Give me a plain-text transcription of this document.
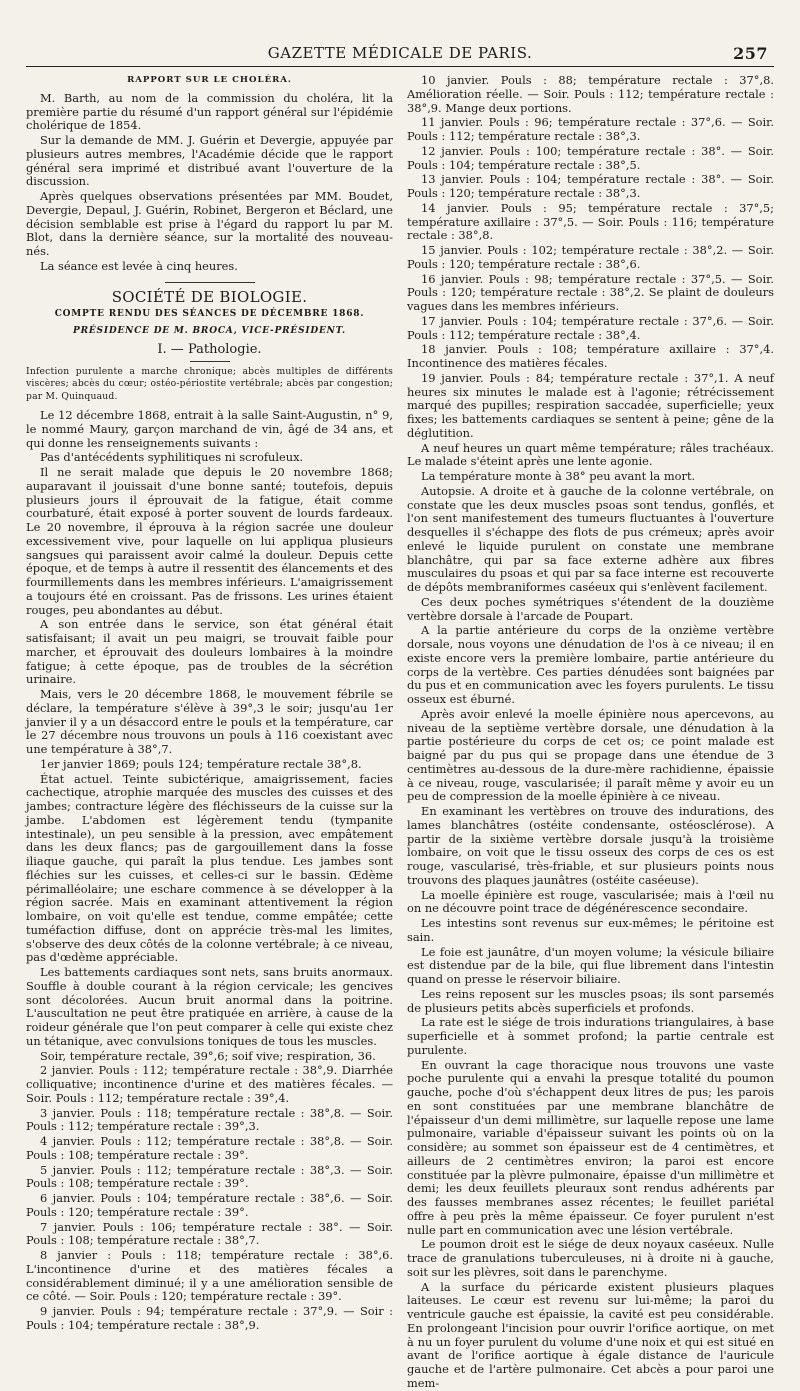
GAZETTE MÉDICALE DE PARIS.	257
RAPPORT SUR LE CHOLÉRA.

M. Barth, au nom de la commission du choléra, lit la première partie du résumé d'un rapport général sur l'épidémie cholérique de 1854.

Sur la demande de MM. J. Guérin et Devergie, appuyée par plusieurs autres membres, l'Académie décide que le rapport général sera imprimé et distribué avant l'ouverture de la discussion.

Après quelques observations présentées par MM. Boudet, Devergie, Depaul, J. Guérin, Robinet, Bergeron et Béclard, une décision semblable est prise à l'égard du rapport lu par M. Blot, dans la dernière séance, sur la mortalité des nouveau-nés.

La séance est levée à cinq heures.

SOCIÉTÉ DE BIOLOGIE.
COMPTE RENDU DES SÉANCES DE DÉCEMBRE 1868.
PRÉSIDENCE DE M. BROCA, VICE-PRÉSIDENT.
I. — Pathologie.

Infection purulente a marche chronique; abcès multiples de différents viscères; abcès du cœur; ostéo-périostite vertébrale; abcès par congestion; par M. Quinquaud.

Le 12 décembre 1868, entrait à la salle Saint-Augustin, n° 9, le nommé Maury, garçon marchand de vin, âgé de 34 ans, et qui donne les renseignements suivants :

Pas d'antécédents syphilitiques ni scrofuleux.

Il ne serait malade que depuis le 20 novembre 1868; auparavant il jouissait d'une bonne santé; toutefois, depuis plusieurs jours il éprouvait de la fatigue, était comme courbaturé, était exposé à porter souvent de lourds fardeaux. Le 20 novembre, il éprouva à la région sacrée une douleur excessivement vive, pour laquelle on lui appliqua plusieurs sangsues qui paraissent avoir calmé la douleur. Depuis cette époque, et de temps à autre il ressentit des élancements et des fourmillements dans les membres inférieurs. L'amaigrissement a toujours été en croissant. Pas de frissons. Les urines étaient rouges, peu abondantes au début.

A son entrée dans le service, son état général était satisfaisant; il avait un peu maigri, se trouvait faible pour marcher, et éprouvait des douleurs lombaires à la moindre fatigue; à cette époque, pas de troubles de la sécrétion urinaire.

Mais, vers le 20 décembre 1868, le mouvement fébrile se déclare, la température s'élève à 39°,3 le soir; jusqu'au 1er janvier il y a un désaccord entre le pouls et la température, car le 27 décembre nous trouvons un pouls à 116 coexistant avec une température à 38°,7.

1er janvier 1869; pouls 124; température rectale 38°,8.

État actuel. Teinte subictérique, amaigrissement, facies cachectique, atrophie marquée des muscles des cuisses et des jambes; contracture légère des fléchisseurs de la cuisse sur la jambe. L'abdomen est légèrement tendu (tympanite intestinale), un peu sensible à la pression, avec empâtement dans les deux flancs; pas de gargouillement dans la fosse iliaque gauche, qui paraît la plus tendue. Les jambes sont fléchies sur les cuisses, et celles-ci sur le bassin. Œdème périmalléolaire; une eschare commence à se développer à la région sacrée. Mais en examinant attentivement la région lombaire, on voit qu'elle est tendue, comme empâtée; cette tuméfaction diffuse, dont on apprécie très-mal les limites, s'observe des deux côtés de la colonne vertébrale; à ce niveau, pas d'œdème appréciable.

Les battements cardiaques sont nets, sans bruits anormaux. Souffle à double courant à la région cervicale; les gencives sont décolorées. Aucun bruit anormal dans la poitrine. L'auscultation ne peut être pratiquée en arrière, à cause de la roideur générale que l'on peut comparer à celle qui existe chez un tétanique, avec convulsions toniques de tous les muscles.

Soir, température rectale, 39°,6; soif vive; respiration, 36.

2 janvier. Pouls : 112; température rectale : 38°,9. Diarrhée colliquative; incontinence d'urine et des matières fécales. — Soir. Pouls : 112; température rectale : 39°,4.

3 janvier. Pouls : 118; température rectale : 38°,8. — Soir. Pouls : 112; température rectale : 39°,3.

4 janvier. Pouls : 112; température rectale : 38°,8. — Soir. Pouls : 108; température rectale : 39°.

5 janvier. Pouls : 112; température rectale : 38°,3. — Soir. Pouls : 108; température rectale : 39°.

6 janvier. Pouls : 104; température rectale : 38°,6. — Soir. Pouls : 120; température rectale : 39°.

7 janvier. Pouls : 106; température rectale : 38°. — Soir. Pouls : 108; température rectale : 38°,7.

8 janvier : Pouls : 118; température rectale : 38°,6. L'incontinence d'urine et des matières fécales a considérablement diminué; il y a une amélioration sensible de ce côté. — Soir. Pouls : 120; température rectale : 39°.

9 janvier. Pouls : 94; température rectale : 37°,9. — Soir : Pouls : 104; température rectale : 38°,9.

10 janvier. Pouls : 88; température rectale : 37°,8. Amélioration réelle. — Soir. Pouls : 112; température rectale : 38°,9. Mange deux portions.

11 janvier. Pouls : 96; température rectale : 37°,6. — Soir. Pouls : 112; température rectale : 38°,3.

12 janvier. Pouls : 100; température rectale : 38°. — Soir. Pouls : 104; température rectale : 38°,5.

13 janvier. Pouls : 104; température rectale : 38°. — Soir. Pouls : 120; température rectale : 38°,3.

14 janvier. Pouls : 95; température rectale : 37°,5; température axillaire : 37°,5. — Soir. Pouls : 116; température rectale : 38°,8.

15 janvier. Pouls : 102; température rectale : 38°,2. — Soir. Pouls : 120; température rectale : 38°,6.

16 janvier. Pouls : 98; température rectale : 37°,5. — Soir. Pouls : 120; température rectale : 38°,2. Se plaint de douleurs vagues dans les membres inférieurs.

17 janvier. Pouls : 104; température rectale : 37°,6. — Soir. Pouls : 112; température rectale : 38°,4.

18 janvier. Pouls : 108; température axillaire : 37°,4. Incontinence des matières fécales.

19 janvier. Pouls : 84; température rectale : 37°,1. A neuf heures six minutes le malade est à l'agonie; rétrécissement marqué des pupilles; respiration saccadée, superficielle; yeux fixes; les battements cardiaques se sentent à peine; gêne de la déglutition.

A neuf heures un quart même température; râles trachéaux. Le malade s'éteint après une lente agonie.

La température monte à 38° peu avant la mort.

Autopsie. A droite et à gauche de la colonne vertébrale, on constate que les deux muscles psoas sont tendus, gonflés, et l'on sent manifestement des tumeurs fluctuantes à l'ouverture desquelles il s'échappe des flots de pus crémeux; après avoir enlevé le liquide purulent on constate une membrane blanchâtre, qui par sa face externe adhère aux fibres musculaires du psoas et qui par sa face interne est recouverte de dépôts membraniformes caséeux qui s'enlèvent facilement.

Ces deux poches symétriques s'étendent de la douzième vertèbre dorsale à l'arcade de Poupart.

A la partie antérieure du corps de la onzième vertèbre dorsale, nous voyons une dénudation de l'os à ce niveau; il en existe encore vers la première lombaire, partie antérieure du corps de la vertèbre. Ces parties dénudées sont baignées par du pus et en communication avec les foyers purulents. Le tissu osseux est éburné.

Après avoir enlevé la moelle épinière nous apercevons, au niveau de la septième vertèbre dorsale, une dénudation à la partie postérieure du corps de cet os; ce point malade est baigné par du pus qui se propage dans une étendue de 3 centimètres au-dessous de la dure-mère rachidienne, épaissie à ce niveau, rouge, vascularisée; il paraît même y avoir eu un peu de compression de la moelle épinière à ce niveau.

En examinant les vertèbres on trouve des indurations, des lames blanchâtres (ostéite condensante, ostéosclérose). A partir de la sixième vertèbre dorsale jusqu'à la troisième lombaire, on voit que le tissu osseux des corps de ces os est rouge, vascularisé, très-friable, et sur plusieurs points nous trouvons des plaques jaunâtres (ostéite caséeuse).

La moelle épinière est rouge, vascularisée; mais à l'œil nu on ne découvre point trace de dégénérescence secondaire.

Les intestins sont revenus sur eux-mêmes; le péritoine est sain.

Le foie est jaunâtre, d'un moyen volume; la vésicule biliaire est distendue par de la bile, qui flue librement dans l'intestin quand on presse le réservoir biliaire.

Les reins reposent sur les muscles psoas; ils sont parsemés de plusieurs petits abcès superficiels et profonds.

La rate est le siége de trois indurations triangulaires, à base superficielle et à sommet profond; la partie centrale est purulente.

En ouvrant la cage thoracique nous trouvons une vaste poche purulente qui a envahi la presque totalité du poumon gauche, poche d'où s'échappent deux litres de pus; les parois en sont constituées par une membrane blanchâtre de l'épaisseur d'un demi millimètre, sur laquelle repose une lame pulmonaire, variable d'épaisseur suivant les points où on la considère; au sommet son épaisseur est de 4 centimètres, et ailleurs de 2 centimètres environ; la paroi est encore constituée par la plèvre pulmonaire, épaisse d'un millimètre et demi; les deux feuillets pleuraux sont rendus adhérents par des fausses membranes assez récentes; le feuillet pariétal offre à peu près la même épaisseur. Ce foyer purulent n'est nulle part en communication avec une lésion vertébrale.

Le poumon droit est le siége de deux noyaux caséeux. Nulle trace de granulations tuberculeuses, ni à droite ni à gauche, soit sur les plèvres, soit dans le parenchyme.

A la surface du péricarde existent plusieurs plaques laiteuses. Le cœur est revenu sur lui-même; la paroi du ventricule gauche est épaissie, la cavité est peu considérable. En prolongeant l'incision pour ouvrir l'orifice aortique, on met à nu un foyer purulent du volume d'une noix et qui est situé en avant de l'orifice aortique à égale distance de l'auricule gauche et de l'artère pulmonaire. Cet abcès a pour paroi une mem-
